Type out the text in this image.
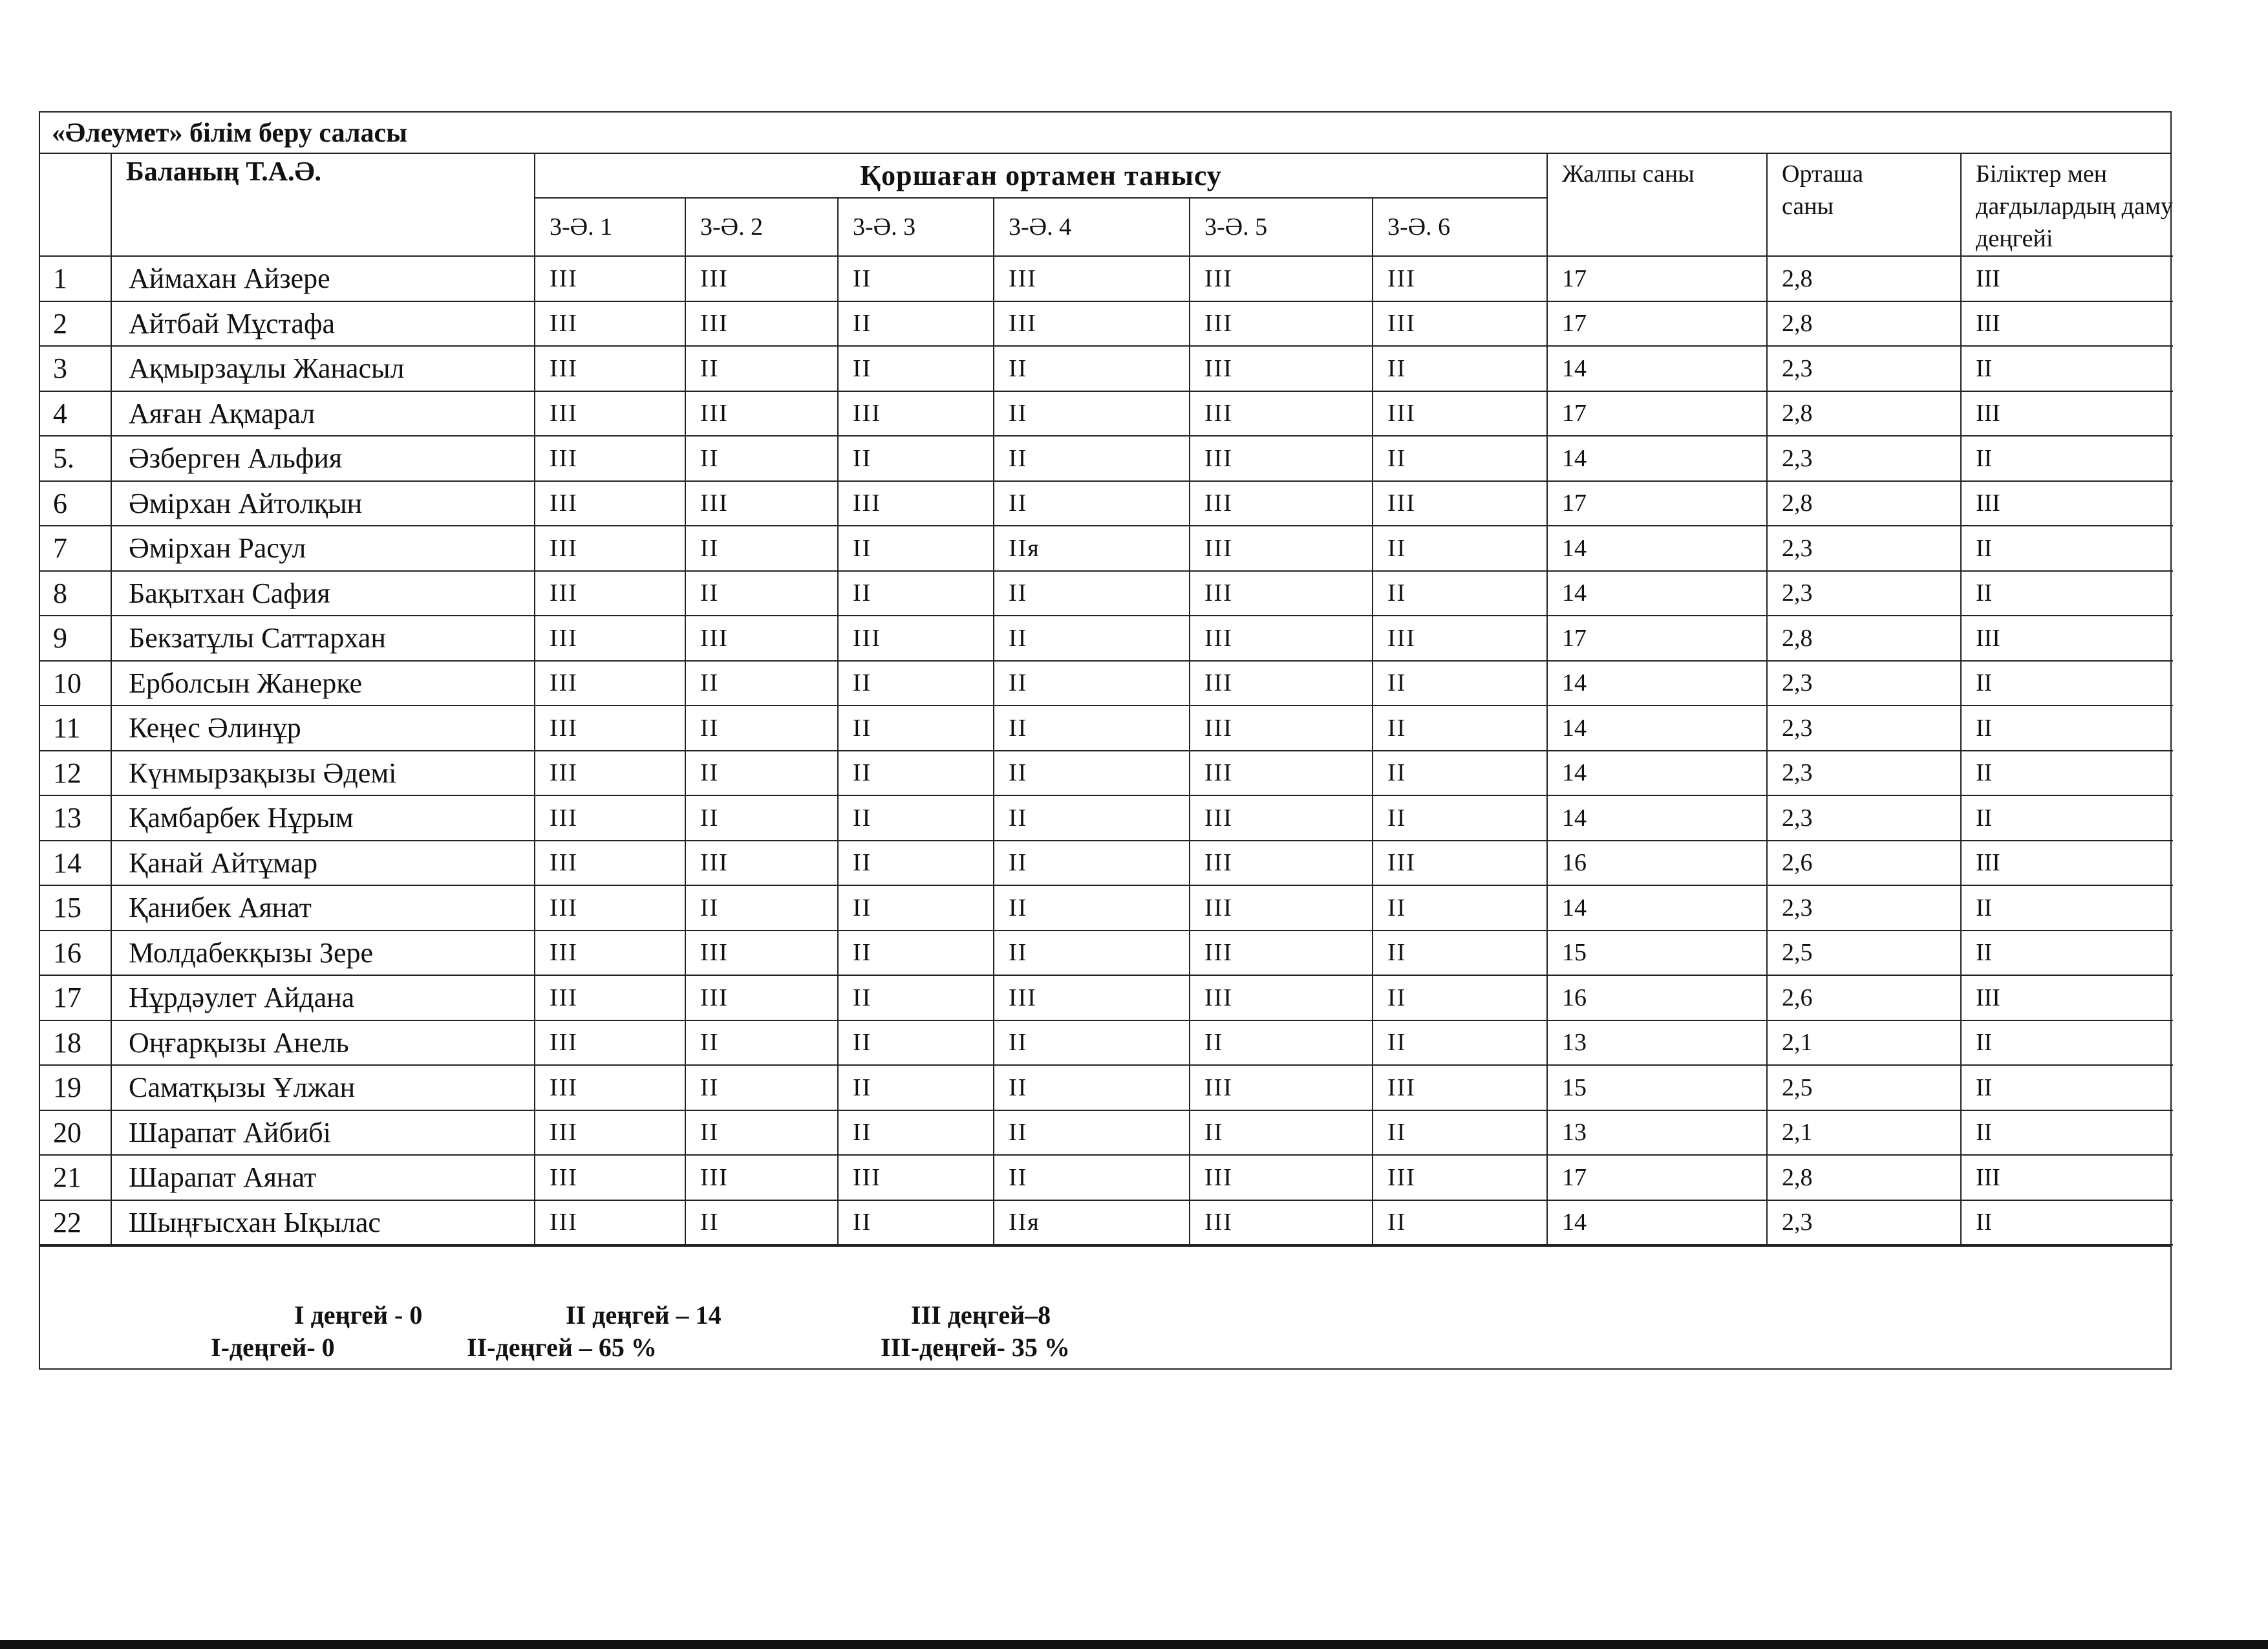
«Әлеумет» білім беру саласы
	Баланың Т.А.Ә.	Қоршаған ортамен танысу						Жалпы саны	Орташа саны	Біліктер мен дағдылардың даму деңгейі
		3-Ә. 1	3-Ә. 2	3-Ә. 3	3-Ә. 4	3-Ә. 5	3-Ә. 6			
1	Аймахан Айзере	III	III	II	III	III	III	17	2,8	III
2	Айтбай Мұстафа	III	III	II	III	III	III	17	2,8	III
3	Ақмырзаұлы Жанасыл	III	II	II	II	III	II	14	2,3	II
4	Аяған Ақмарал	III	III	III	II	III	III	17	2,8	III
5.	Әзберген Альфия	III	II	II	II	III	II	14	2,3	II
6	Әмірхан Айтолқын	III	III	III	II	III	III	17	2,8	III
7	Әмірхан Расул	III	II	II	IIя	III	II	14	2,3	II
8	Бақытхан Сафия	III	II	II	II	III	II	14	2,3	II
9	Бекзатұлы Саттархан	III	III	III	II	III	III	17	2,8	III
10	Ерболсын Жанерке	III	II	II	II	III	II	14	2,3	II
11	Кеңес Әлинұр	III	II	II	II	III	II	14	2,3	II
12	Күнмырзақызы Әдемі	III	II	II	II	III	II	14	2,3	II
13	Қамбарбек Нұрым	III	II	II	II	III	II	14	2,3	II
14	Қанай Айтұмар	III	III	II	II	III	III	16	2,6	III
15	Қанибек Аянат	III	II	II	II	III	II	14	2,3	II
16	Молдабекқызы Зере	III	III	II	II	III	II	15	2,5	II
17	Нұрдәулет Айдана	III	III	II	III	III	II	16	2,6	III
18	Оңғарқызы Анель	III	II	II	II	II	II	13	2,1	II
19	Саматқызы Ұлжан	III	II	II	II	III	III	15	2,5	II
20	Шарапат Айбибі	III	II	II	II	II	II	13	2,1	II
21	Шарапат Аянат	III	III	III	II	III	III	17	2,8	III
22	Шыңғысхан Ықылас	III	II	II	IIя	III	II	14	2,3	II
I деңгей - 0	II деңгей – 14	III деңгей–8
I-деңгей- 0	II-деңгей – 65 %	III-деңгей- 35 %
